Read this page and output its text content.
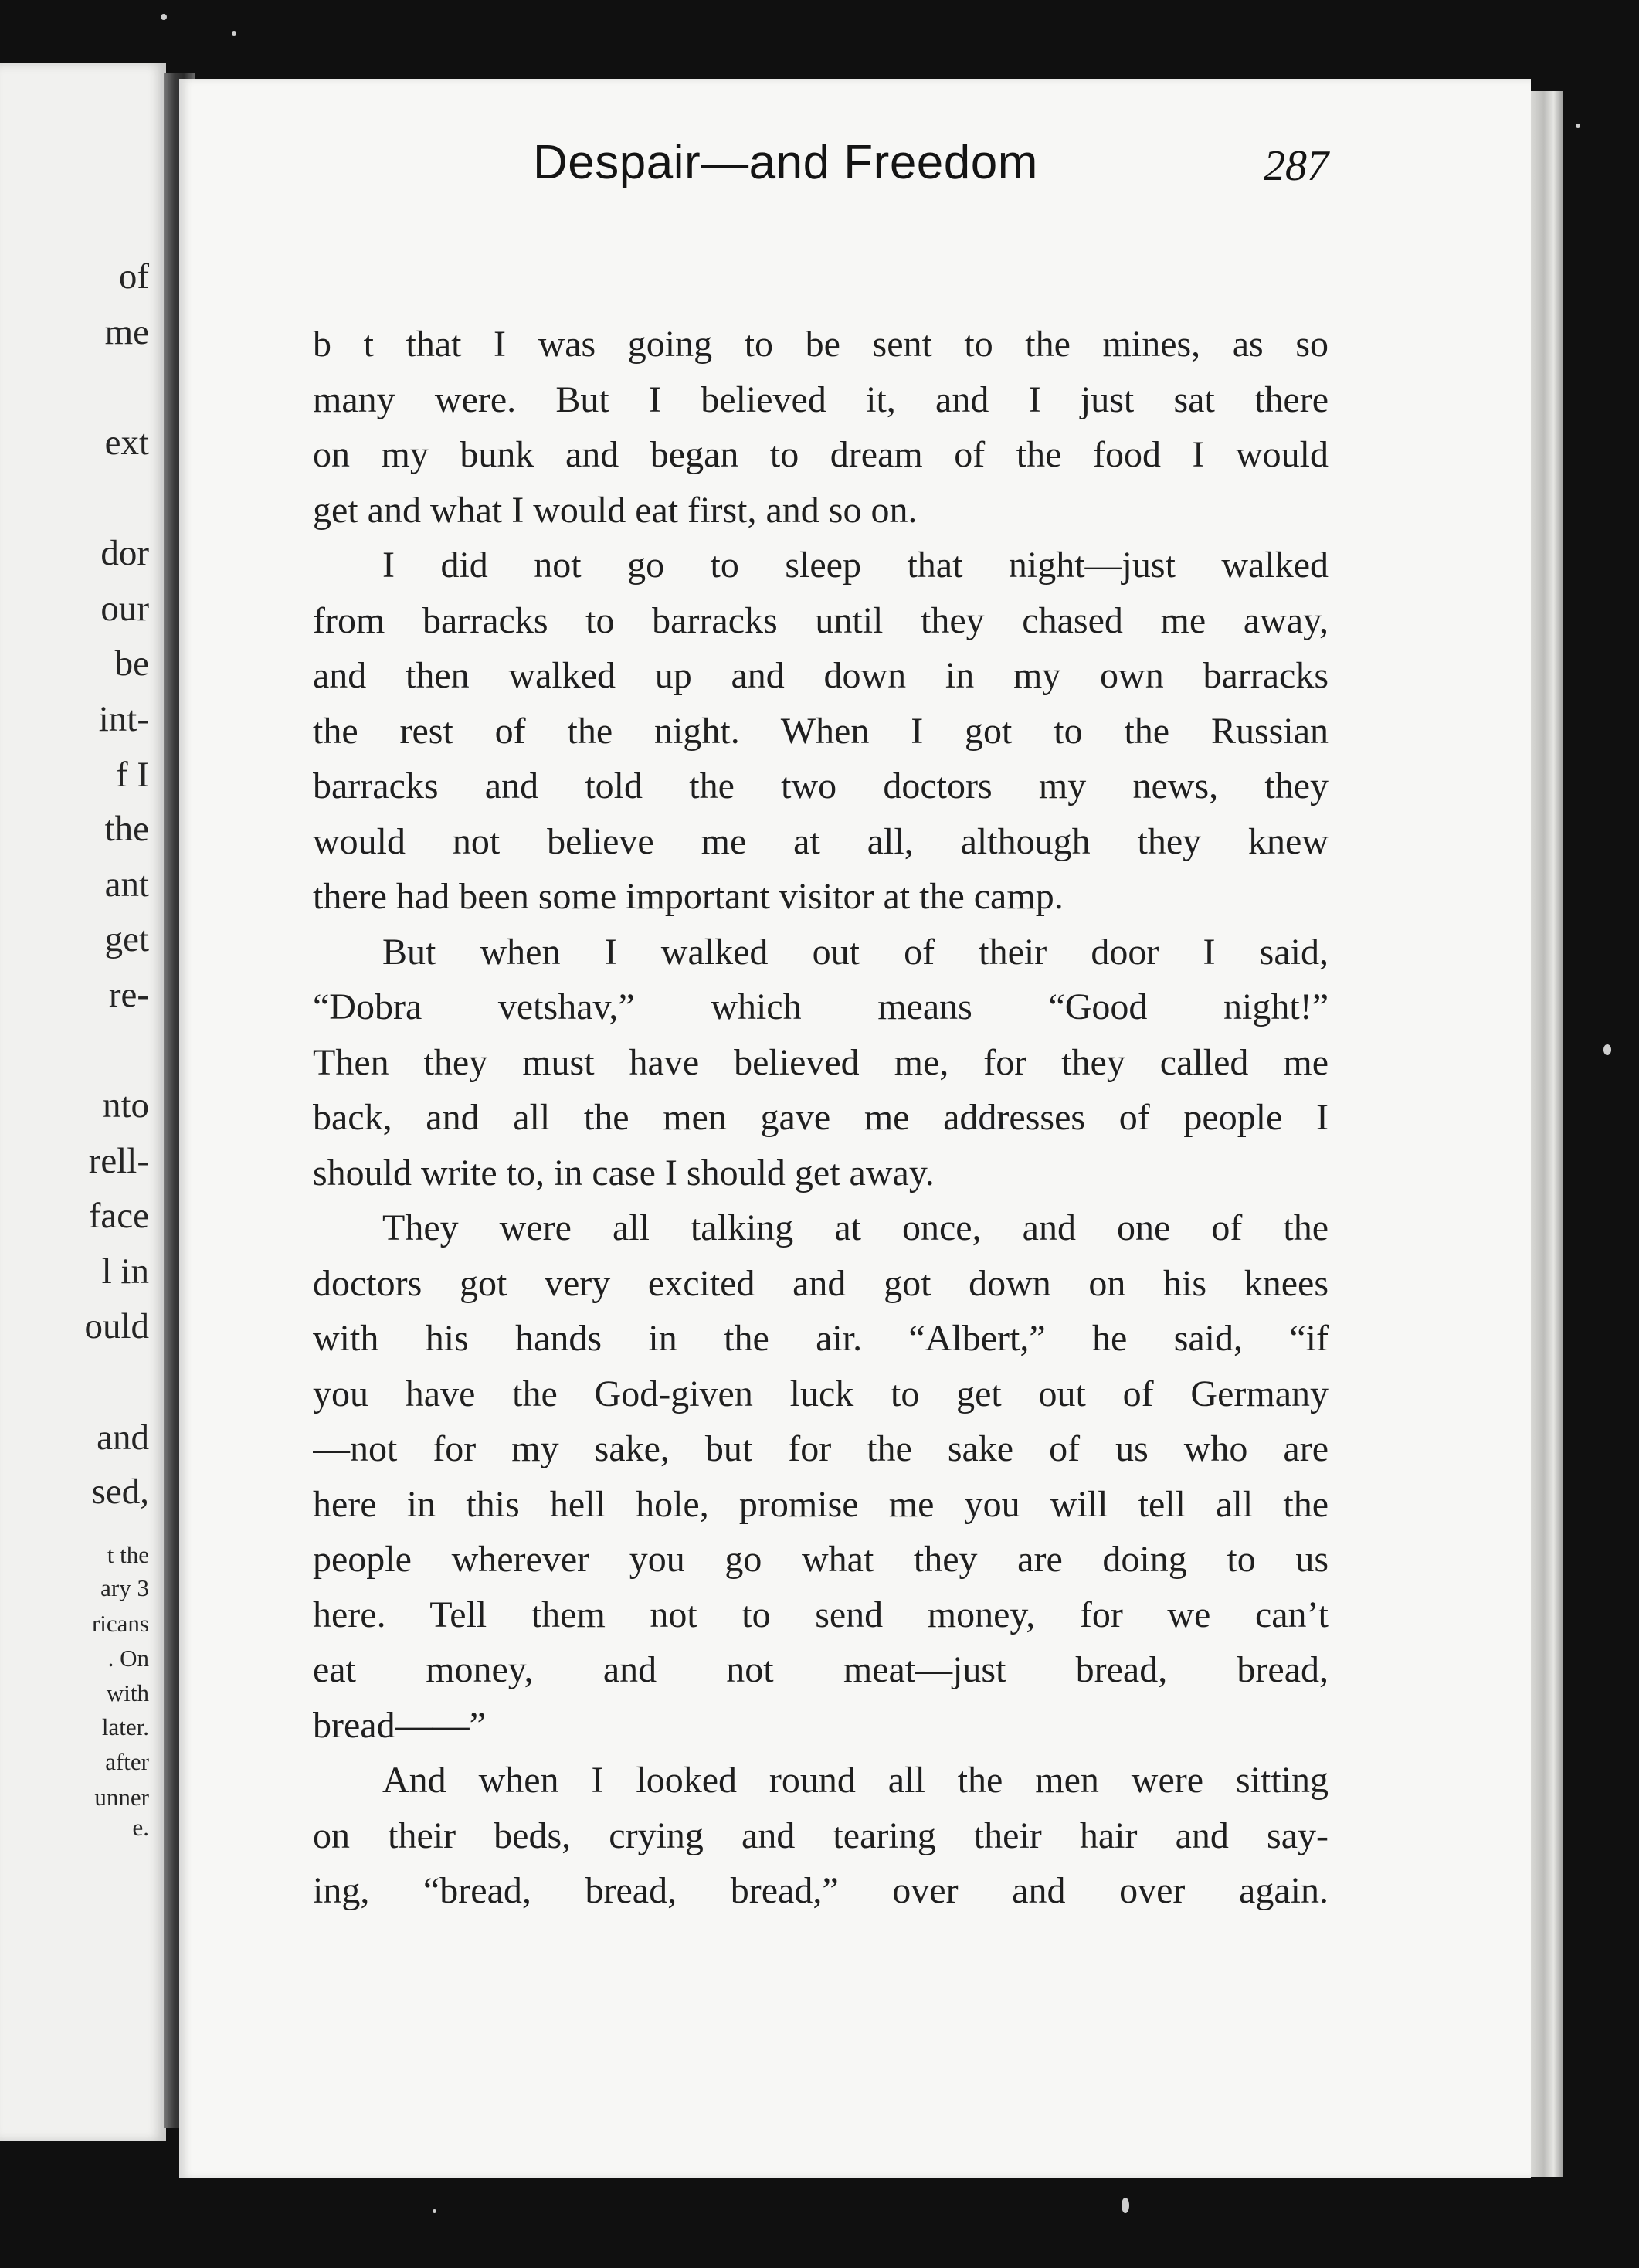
of
me
ext
dor
our
be
int-
f I
the
ant
get
re-
nto
rell-
face
l in
ould
and
sed,
t the
ary 3
ricans
. On
with
later.
after
unner
e.
Despair—and Freedom	287
b t that I was going to be sent to the mines, as so
many were. But I believed it, and I just sat there
on my bunk and began to dream of the food I would
get and what I would eat first, and so on.
I did not go to sleep that night—just walked
from barracks to barracks until they chased me away,
and then walked up and down in my own barracks
the rest of the night. When I got to the Russian
barracks and told the two doctors my news, they
would not believe me at all, although they knew
there had been some important visitor at the camp.
But when I walked out of their door I said,
“Dobra vetshav,” which means “Good night!”
Then they must have believed me, for they called me
back, and all the men gave me addresses of people I
should write to, in case I should get away.
They were all talking at once, and one of the
doctors got very excited and got down on his knees
with his hands in the air. “Albert,” he said, “if
you have the God-given luck to get out of Germany
—not for my sake, but for the sake of us who are
here in this hell hole, promise me you will tell all the
people wherever you go what they are doing to us
here. Tell them not to send money, for we can’t
eat money, and not meat—just bread, bread,
bread——”
And when I looked round all the men were sitting
on their beds, crying and tearing their hair and say-
ing, “bread, bread, bread,” over and over again.
